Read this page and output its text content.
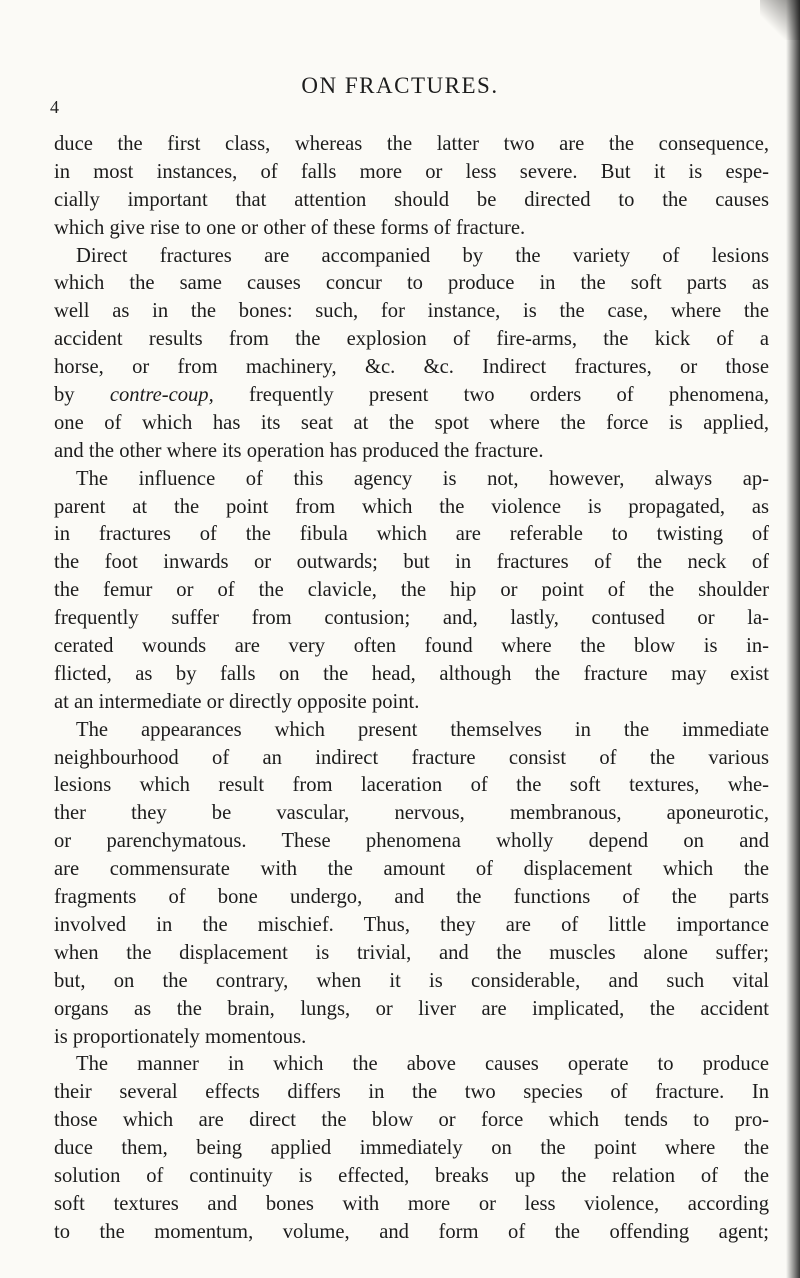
4
ON FRACTURES.
duce the first class, whereas the latter two are the consequence,
in most instances, of falls more or less severe. But it is espe-
cially important that attention should be directed to the causes
which give rise to one or other of these forms of fracture.
Direct fractures are accompanied by the variety of lesions
which the same causes concur to produce in the soft parts as
well as in the bones: such, for instance, is the case, where the
accident results from the explosion of fire-arms, the kick of a
horse, or from machinery, &c. &c. Indirect fractures, or those
by contre-coup, frequently present two orders of phenomena,
one of which has its seat at the spot where the force is applied,
and the other where its operation has produced the fracture.
The influence of this agency is not, however, always ap-
parent at the point from which the violence is propagated, as
in fractures of the fibula which are referable to twisting of
the foot inwards or outwards; but in fractures of the neck of
the femur or of the clavicle, the hip or point of the shoulder
frequently suffer from contusion; and, lastly, contused or la-
cerated wounds are very often found where the blow is in-
flicted, as by falls on the head, although the fracture may exist
at an intermediate or directly opposite point.
The appearances which present themselves in the immediate
neighbourhood of an indirect fracture consist of the various
lesions which result from laceration of the soft textures, whe-
ther they be vascular, nervous, membranous, aponeurotic,
or parenchymatous. These phenomena wholly depend on and
are commensurate with the amount of displacement which the
fragments of bone undergo, and the functions of the parts
involved in the mischief. Thus, they are of little importance
when the displacement is trivial, and the muscles alone suffer;
but, on the contrary, when it is considerable, and such vital
organs as the brain, lungs, or liver are implicated, the accident
is proportionately momentous.
The manner in which the above causes operate to produce
their several effects differs in the two species of fracture. In
those which are direct the blow or force which tends to pro-
duce them, being applied immediately on the point where the
solution of continuity is effected, breaks up the relation of the
soft textures and bones with more or less violence, according
to the momentum, volume, and form of the offending agent;
